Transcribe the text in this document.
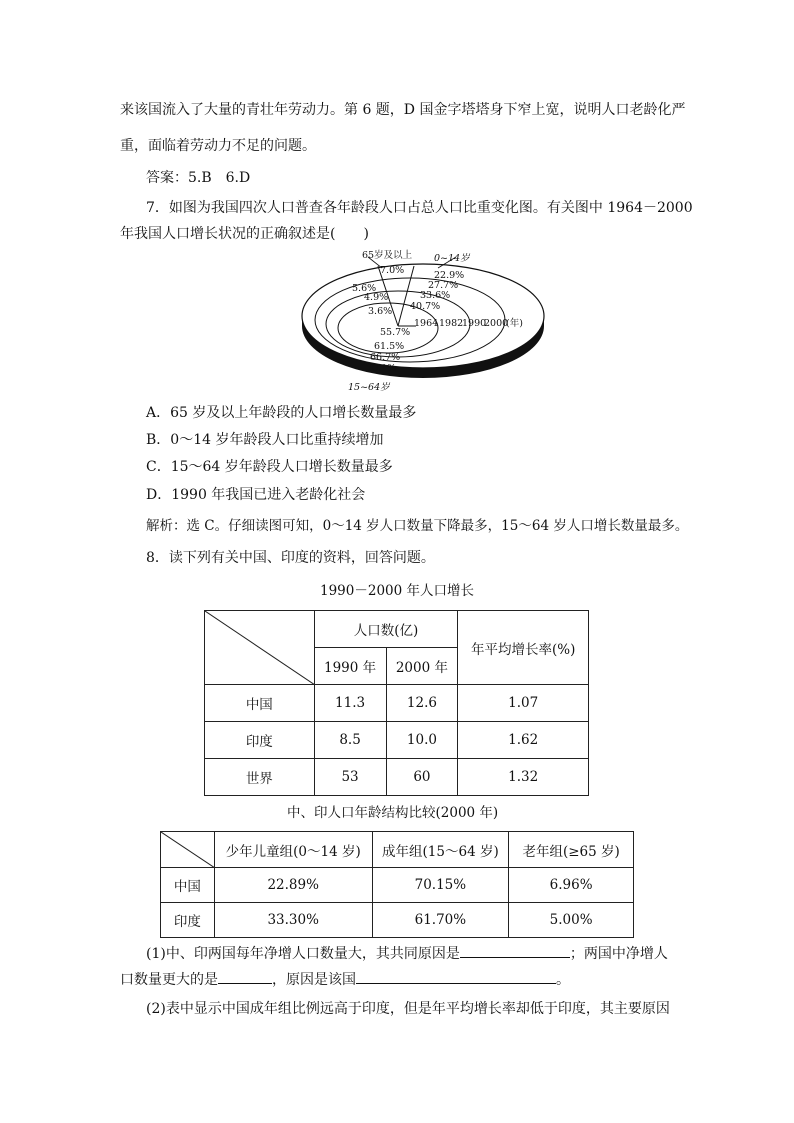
来该国流入了大量的青壮年劳动力。第 6 题，D 国金字塔塔身下窄上宽，说明人口老龄化严
重，面临着劳动力不足的问题。
答案：5.B　6.D
7．如图为我国四次人口普查各年龄段人口占总人口比重变化图。有关图中 1964－2000
年我国人口增长状况的正确叙述是(　　)
65岁及以上 0~14岁
15~64岁
7.0%
5.6%
4.9%
3.6%
22.9%
27.7%
33.6%
40.7%
1964 1982
1990
2000
(年)
55.7%
61.5%
66.7%
70.1%
A．65 岁及以上年龄段的人口增长数量最多
B．0～14 岁年龄段人口比重持续增加
C．15～64 岁年龄段人口增长数量最多
D．1990 年我国已进入老龄化社会
解析：选 C。仔细读图可知，0～14 岁人口数量下降最多，15～64 岁人口增长数量最多。
8．读下列有关中国、印度的资料，回答问题。
1990－2000 年人口增长
	人口数(亿)		年平均增长率(%)
	1990 年	2000 年	
中国	11.3	12.6	1.07
印度	8.5	10.0	1.62
世界	53	60	1.32
中、印人口年龄结构比较(2000 年)
	少年儿童组(0～14 岁)	成年组(15～64 岁)	老年组(≥65 岁)
中国	22.89%	70.15%	6.96%
印度	33.30%	61.70%	5.00%
(1)中、印两国每年净增人口数量大，其共同原因是	；两国中净增人
口数量更大的是	，原因是该国	。
(2)表中显示中国成年组比例远高于印度，但是年平均增长率却低于印度，其主要原因
